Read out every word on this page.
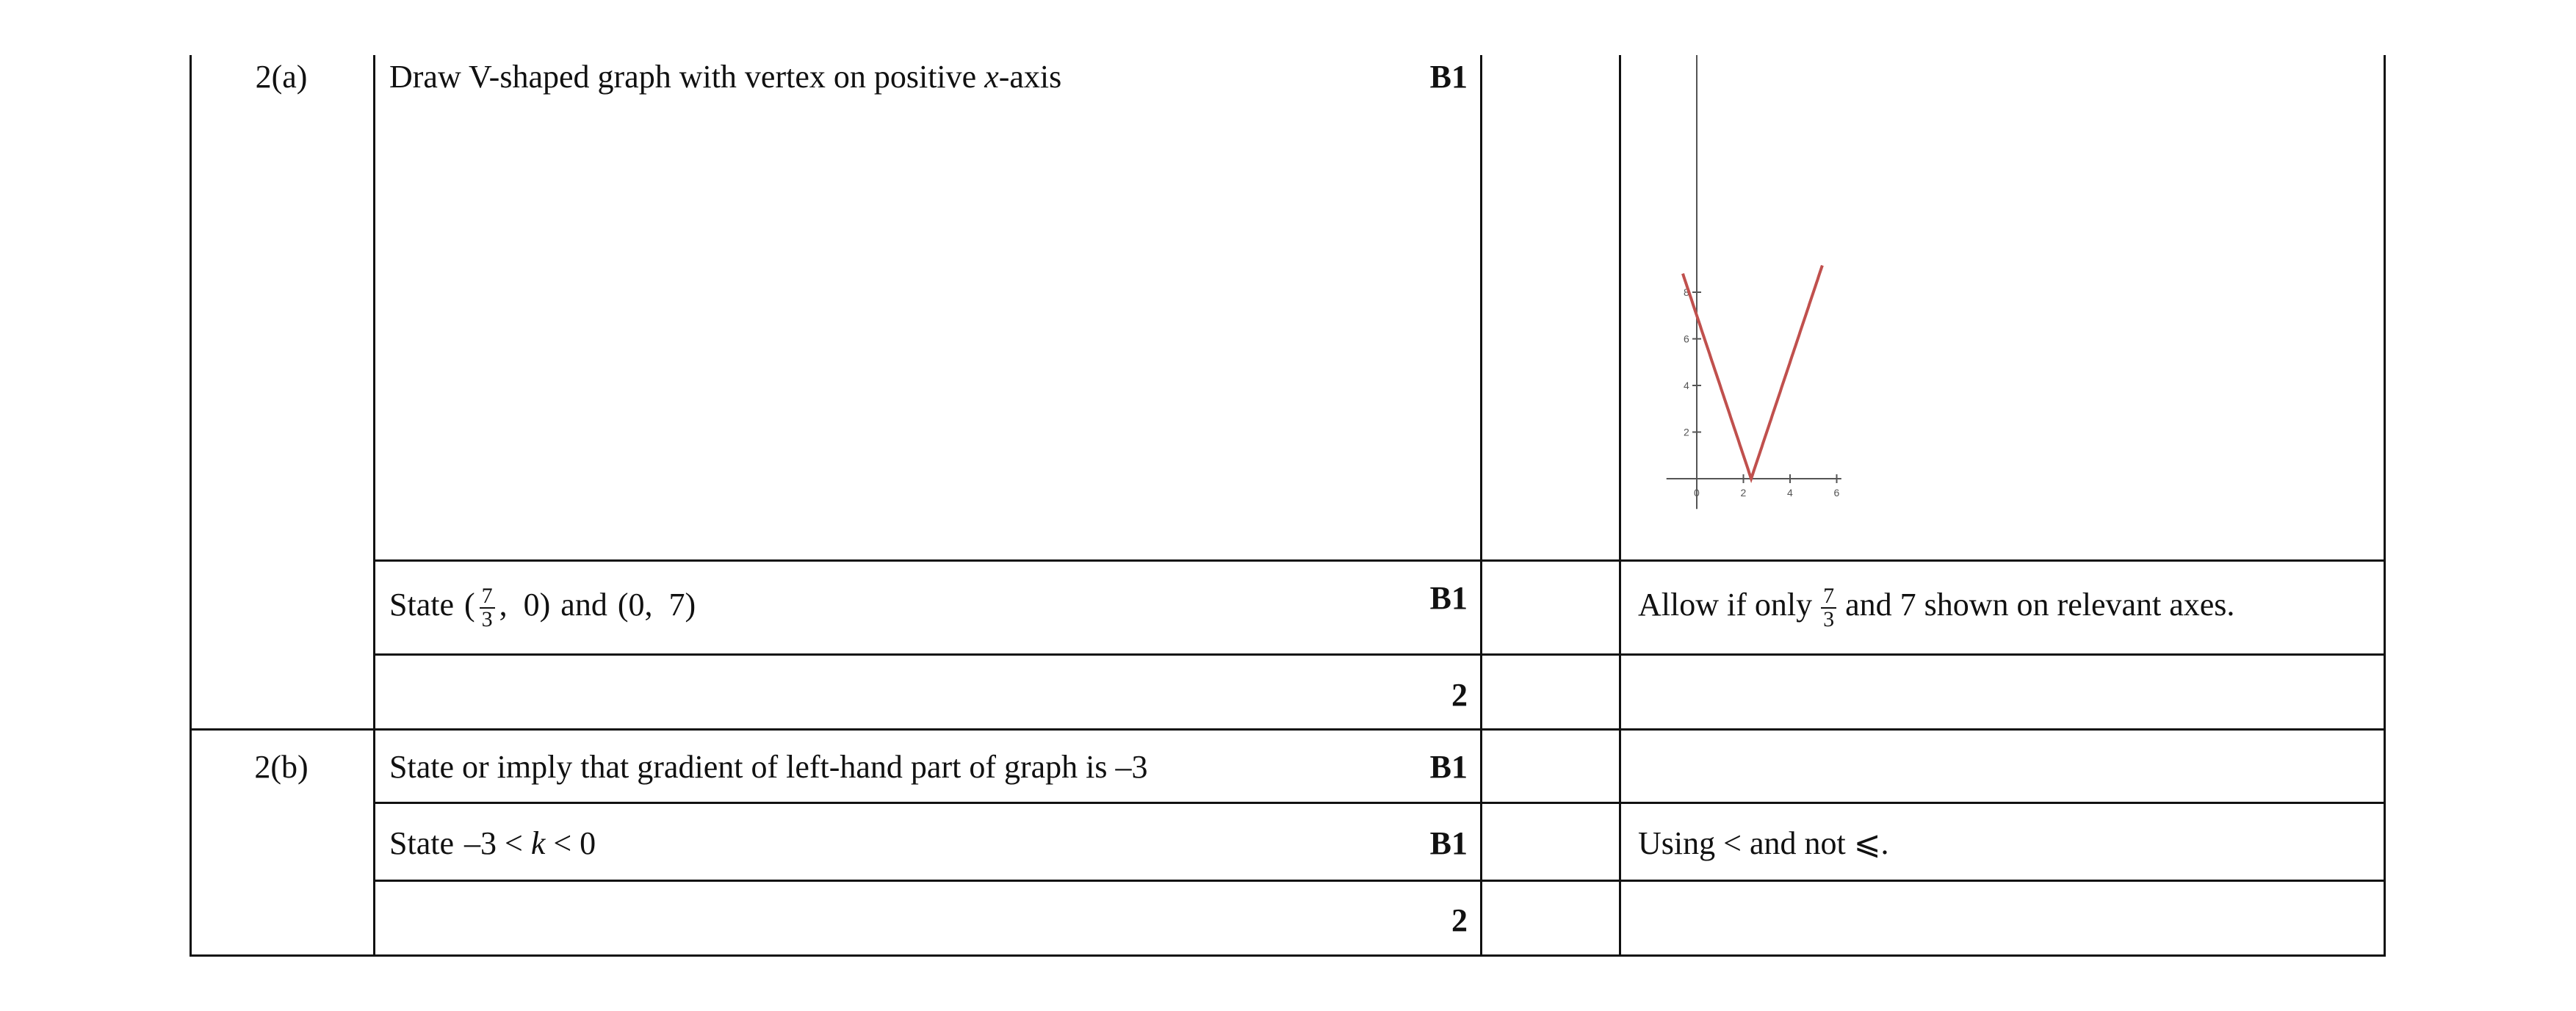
2(a)	Draw V-shaped graph with vertex on positive x-axis	B1
0	2	4	6
2
4
6
8
State ( $\frac{7}{3}$ ,  0) and (0,  7)	B1	Allow if only $\frac{7}{3}$ and 7 shown on relevant axes.
2
2(b)	State or imply that gradient of left-hand part of graph is –3	B1
State –3 < k < 0	B1	Using < and not ⩽.
2
